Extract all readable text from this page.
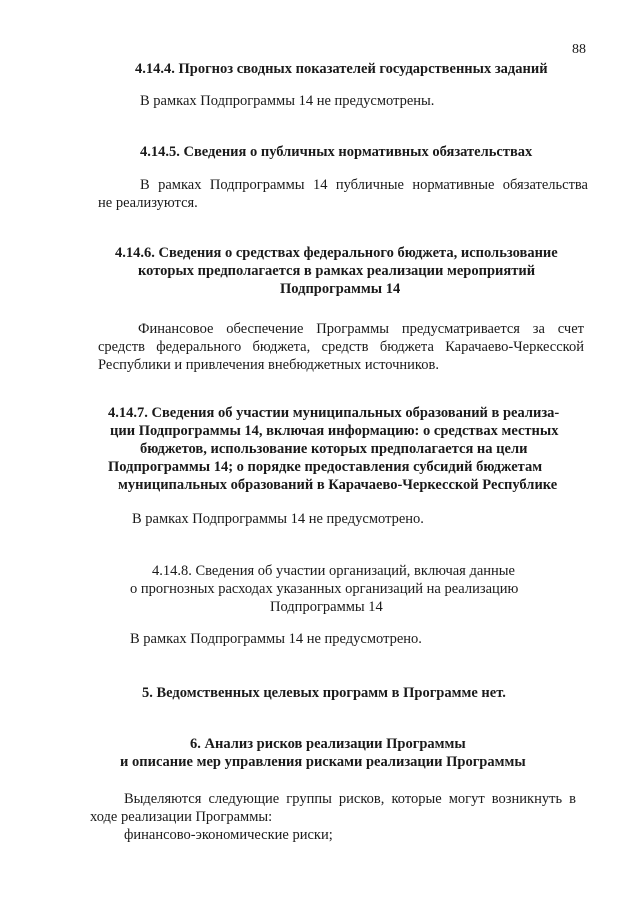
88
4.14.4. Прогноз сводных показателей государственных заданий
В рамках Подпрограммы 14 не предусмотрены.
4.14.5. Сведения о публичных нормативных обязательствах
В рамках Подпрограммы 14 публичные нормативные обязательства
не реализуются.
4.14.6. Сведения о средствах федерального бюджета, использование
которых предполагается в рамках реализации мероприятий
Подпрограммы 14
Финансовое обеспечение Программы предусматривается за счет
средств федерального бюджета, средств бюджета Карачаево-Черкесской
Республики и привлечения внебюджетных источников.
4.14.7. Сведения об участии муниципальных образований в реализа-
ции Подпрограммы 14, включая информацию: о средствах местных
бюджетов, использование которых предполагается на цели
Подпрограммы 14; о порядке предоставления субсидий бюджетам
муниципальных образований в Карачаево-Черкесской Республике
В рамках Подпрограммы 14 не предусмотрено.
4.14.8. Сведения об участии организаций, включая данные
о прогнозных расходах указанных организаций на реализацию
Подпрограммы 14
В рамках Подпрограммы 14 не предусмотрено.
5. Ведомственных целевых программ в Программе нет.
6. Анализ рисков реализации Программы
и описание мер управления рисками реализации Программы
Выделяются следующие группы рисков, которые могут возникнуть в
ходе реализации Программы:
финансово-экономические риски;
